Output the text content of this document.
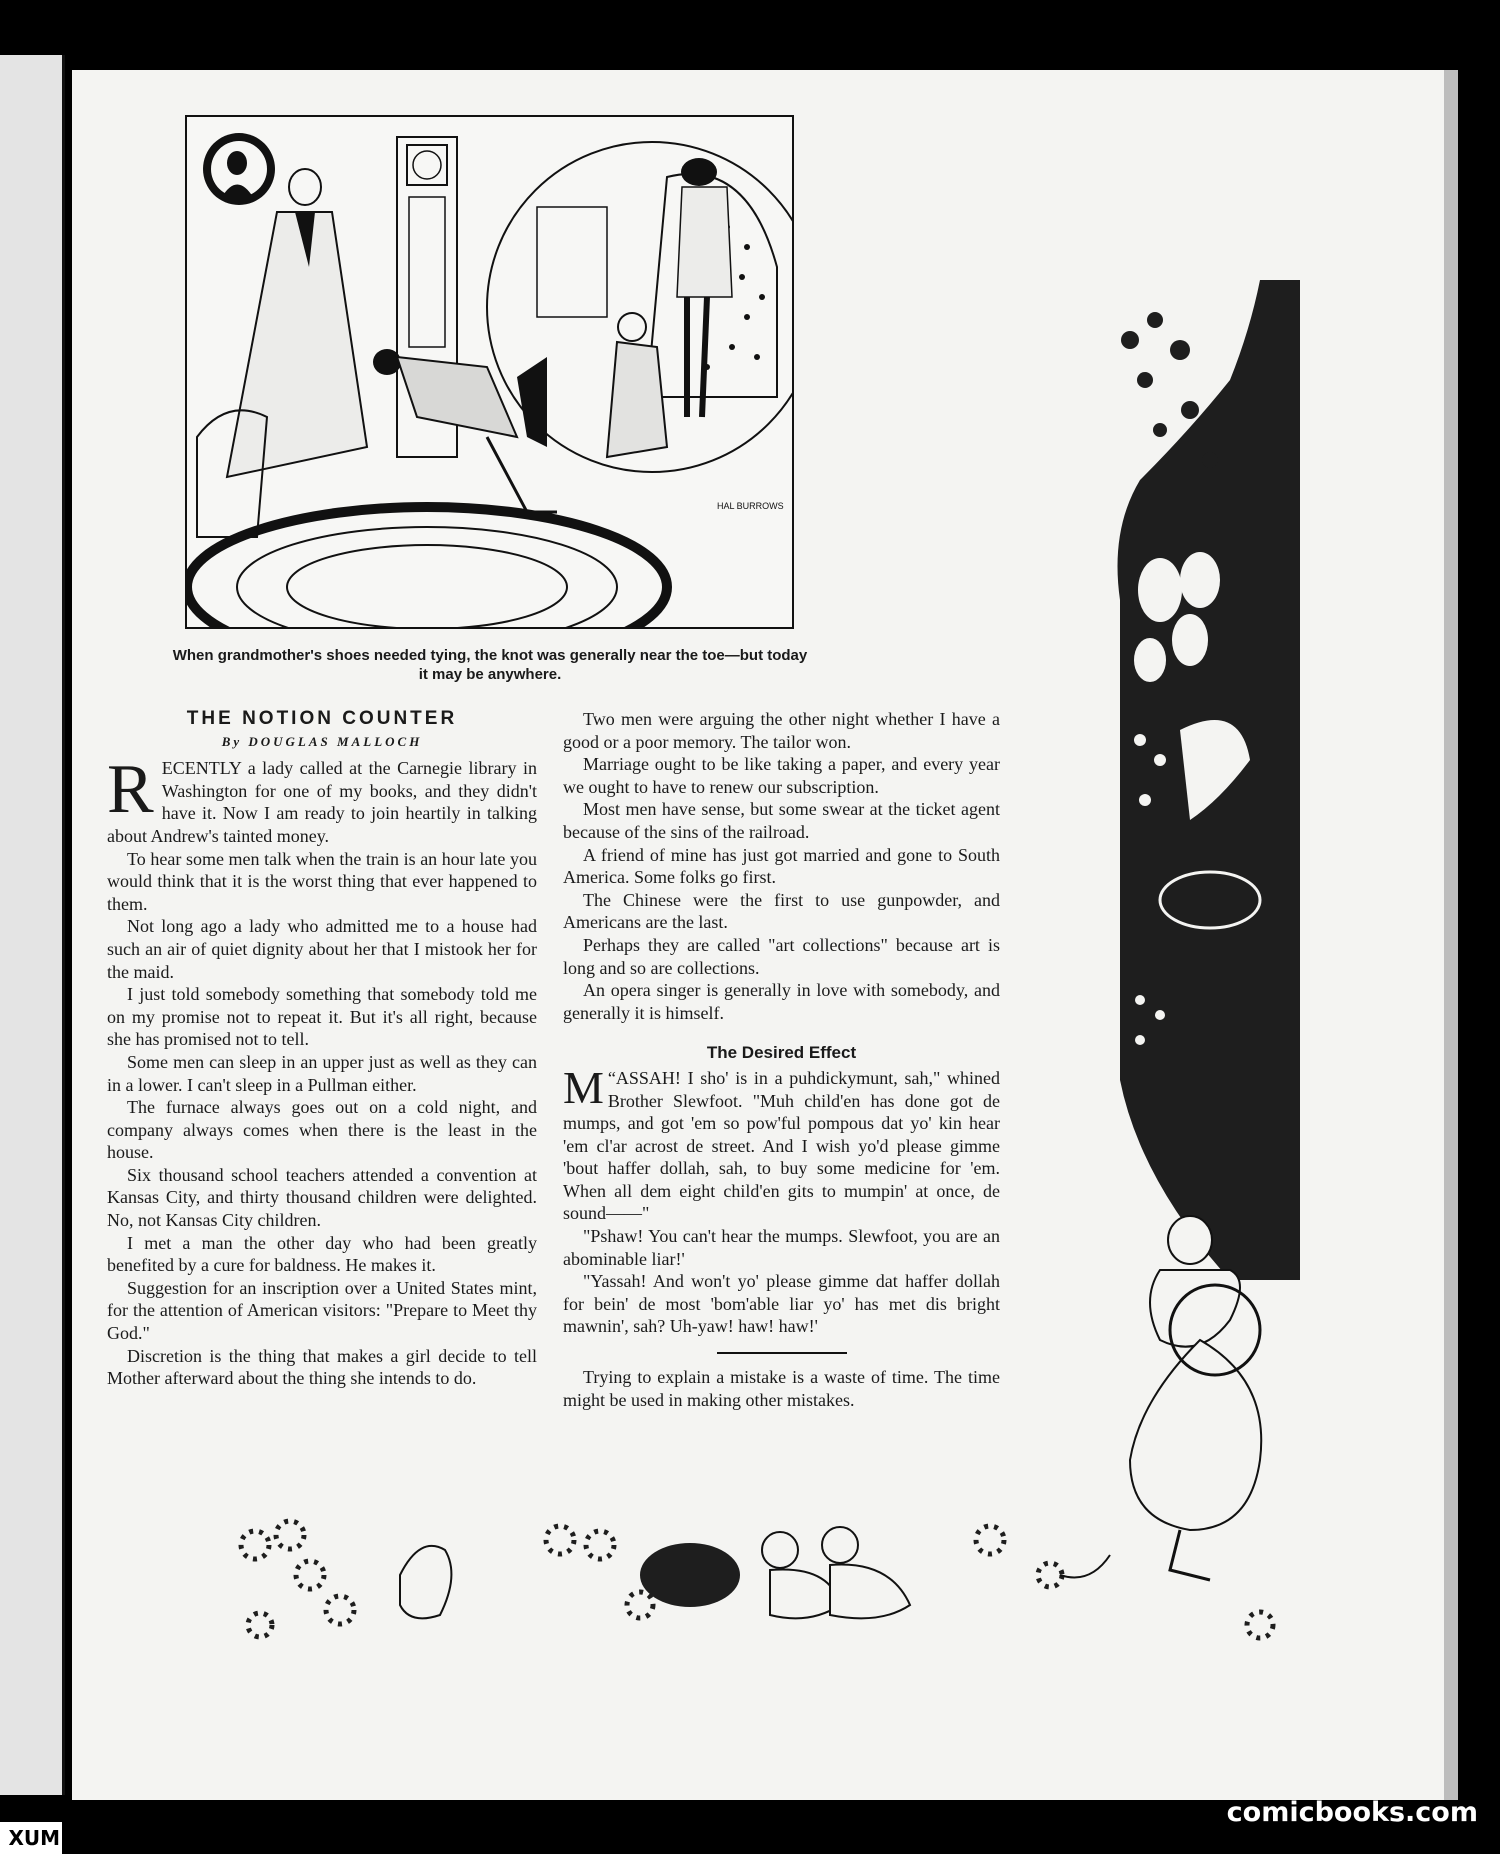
HAL BURROWS
When grandmother's shoes needed tying, the knot was generally near the toe—but today it may be anywhere.
THE NOTION COUNTER
By DOUGLAS MALLOCH

RECENTLY a lady called at the Carnegie library in Washington for one of my books, and they didn't have it. Now I am ready to join heartily in talking about Andrew's tainted money.

To hear some men talk when the train is an hour late you would think that it is the worst thing that ever happened to them.

Not long ago a lady who admitted me to a house had such an air of quiet dignity about her that I mistook her for the maid.

I just told somebody something that somebody told me on my promise not to repeat it. But it's all right, because she has promised not to tell.

Some men can sleep in an upper just as well as they can in a lower. I can't sleep in a Pullman either.

The furnace always goes out on a cold night, and company always comes when there is the least in the house.

Six thousand school teachers attended a convention at Kansas City, and thirty thousand children were delighted. No, not Kansas City children.

I met a man the other day who had been greatly benefited by a cure for baldness. He makes it.

Suggestion for an inscription over a United States mint, for the attention of American visitors: "Prepare to Meet thy God."

Discretion is the thing that makes a girl decide to tell Mother afterward about the thing she intends to do.

Two men were arguing the other night whether I have a good or a poor memory. The tailor won.

Marriage ought to be like taking a paper, and every year we ought to have to renew our subscription.

Most men have sense, but some swear at the ticket agent because of the sins of the railroad.

A friend of mine has just got married and gone to South America. Some folks go first.

The Chinese were the first to use gunpowder, and Americans are the last.

Perhaps they are called "art collections" because art is long and so are collections.

An opera singer is generally in love with somebody, and generally it is himself.

The Desired Effect

“
M ASSAH! I sho' is in a puhdickymunt, sah," whined Brother Slewfoot. "Muh child'en has done got de mumps, and got 'em so pow'ful pompous dat yo' kin hear 'em cl'ar acrost de street. And I wish yo'd please gimme 'bout haffer dollah, sah, to buy some medicine for 'em. When all dem eight child'en gits to mumpin' at once, de sound——"

"Pshaw! You can't hear the mumps. Slewfoot, you are an abominable liar!'

"Yassah! And won't yo' please gimme dat haffer dollah for bein' de most 'bom'able liar yo' has met dis bright mawnin', sah? Uh-yaw! haw! haw!'

Trying to explain a mistake is a waste of time. The time might be used in making other mistakes.

comicbooks.com
XUM
